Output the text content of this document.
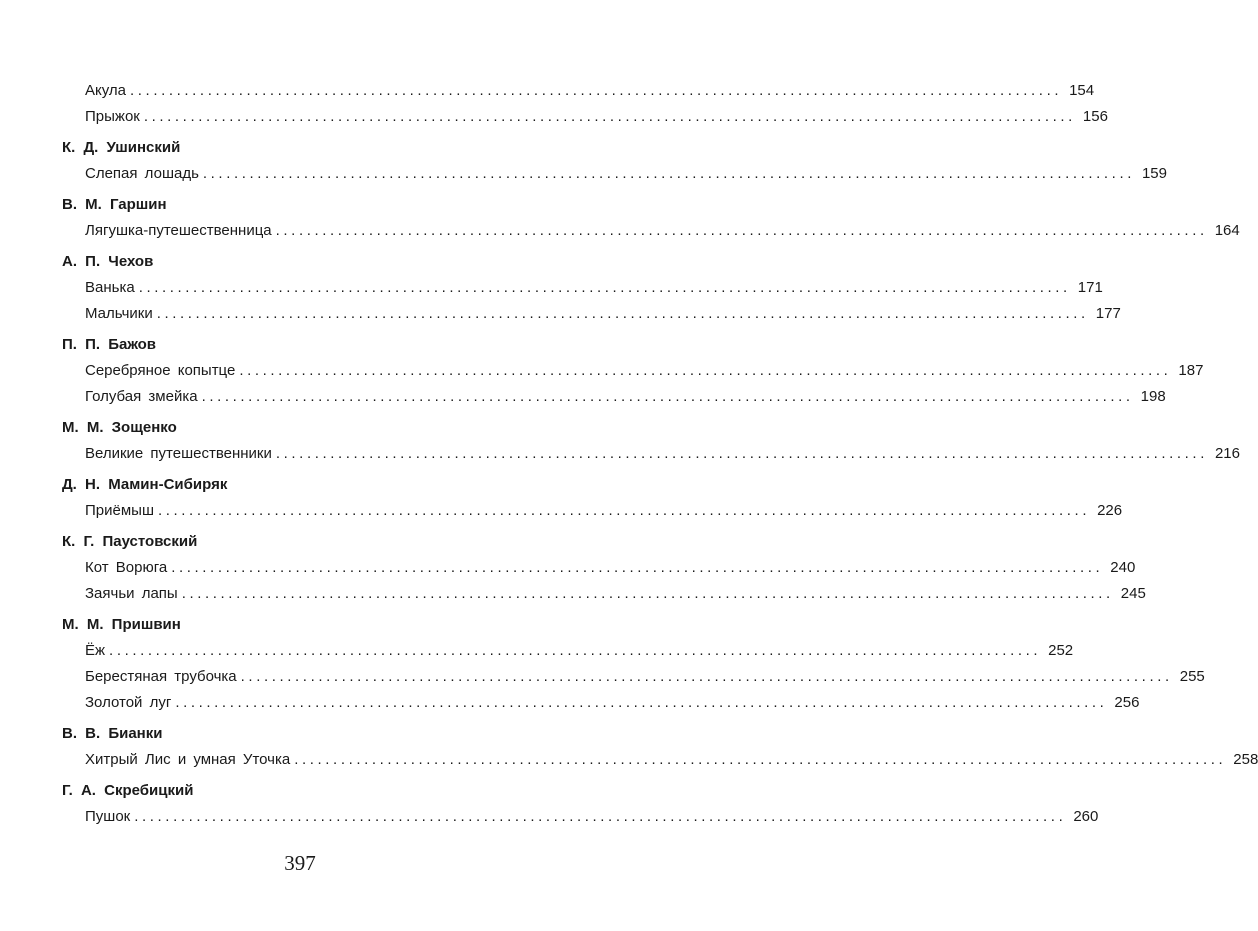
Акула ........................................................................................................................ 154
Прыжок ........................................................................................................................ 156
К. Д. Ушинский
Слепая лошадь ........................................................................................................................ 159
В. М. Гаршин
Лягушка-путешественница ........................................................................................................................ 164
А. П. Чехов
Ванька ........................................................................................................................ 171
Мальчики ........................................................................................................................ 177
П. П. Бажов
Серебряное копытце ........................................................................................................................ 187
Голубая змейка ........................................................................................................................ 198
М. М. Зощенко
Великие путешественники ........................................................................................................................ 216
Д. Н. Мамин-Сибиряк
Приёмыш ........................................................................................................................ 226
К. Г. Паустовский
Кот Ворюга ........................................................................................................................ 240
Заячьи лапы ........................................................................................................................ 245
М. М. Пришвин
Ёж ........................................................................................................................ 252
Берестяная трубочка ........................................................................................................................ 255
Золотой луг ........................................................................................................................ 256
В. В. Бианки
Хитрый Лис и умная Уточка ........................................................................................................................ 258
Г. А. Скребицкий
Пушок ........................................................................................................................ 260
397
